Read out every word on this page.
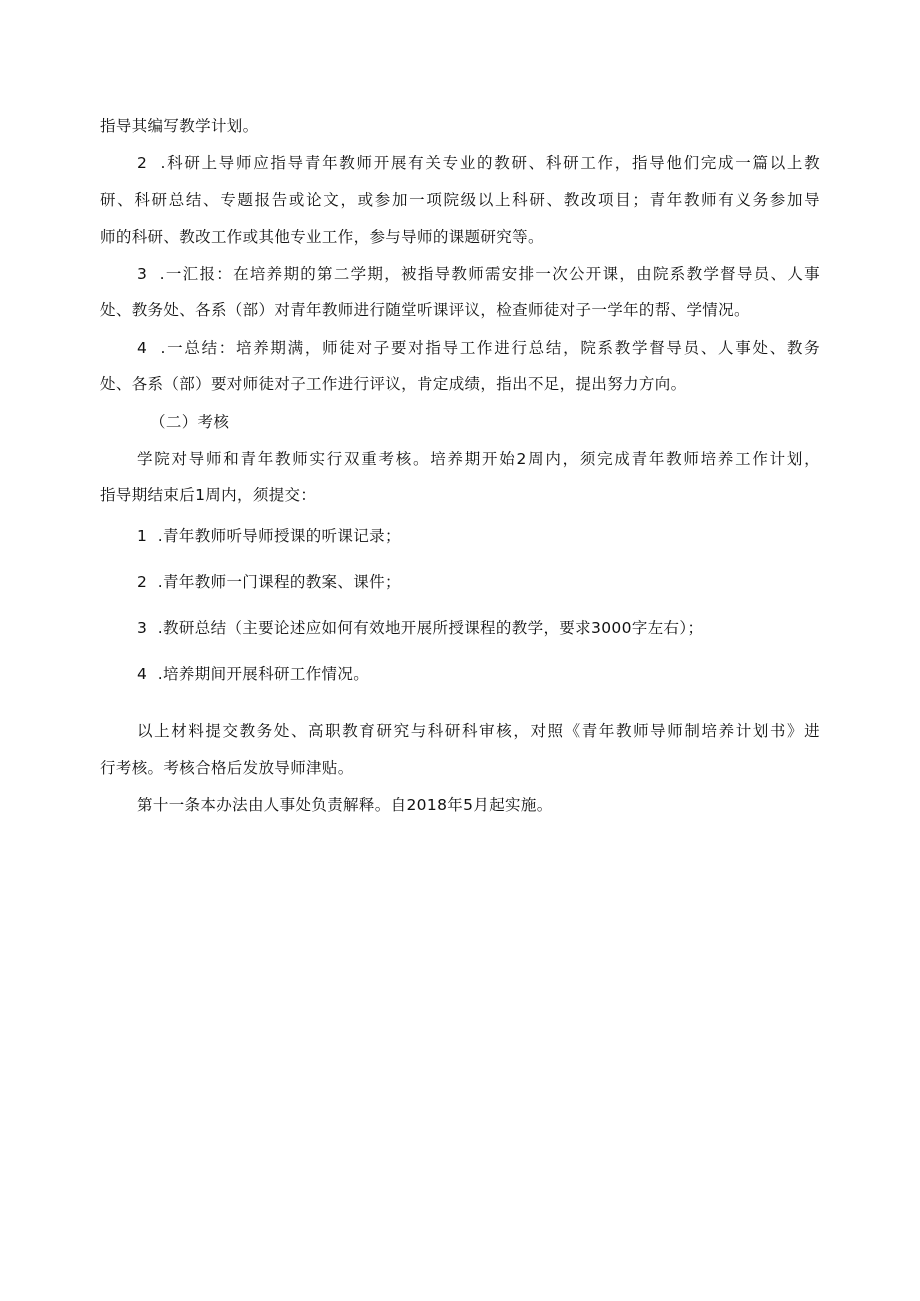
指导其编写教学计划。
2  .科研上导师应指导青年教师开展有关专业的教研、科研工作，指导他们完成一篇以上教
研、科研总结、专题报告或论文，或参加一项院级以上科研、教改项目；青年教师有义务参加导
师的科研、教改工作或其他专业工作，参与导师的课题研究等。
3  .一汇报：在培养期的第二学期，被指导教师需安排一次公开课，由院系教学督导员、人事
处、教务处、各系（部）对青年教师进行随堂听课评议，检查师徒对子一学年的帮、学情况。
4  .一总结：培养期满，师徒对子要对指导工作进行总结，院系教学督导员、人事处、教务
处、各系（部）要对师徒对子工作进行评议，肯定成绩，指出不足，提出努力方向。
（二）考核
学院对导师和青年教师实行双重考核。培养期开始2周内，须完成青年教师培养工作计划，
指导期结束后1周内，须提交：
1  .青年教师听导师授课的听课记录；
2  .青年教师一门课程的教案、课件；
3  .教研总结（主要论述应如何有效地开展所授课程的教学，要求3000字左右）；
4  .培养期间开展科研工作情况。
以上材料提交教务处、高职教育研究与科研科审核，对照《青年教师导师制培养计划书》进
行考核。考核合格后发放导师津贴。
第十一条本办法由人事处负责解释。自2018年5月起实施。
